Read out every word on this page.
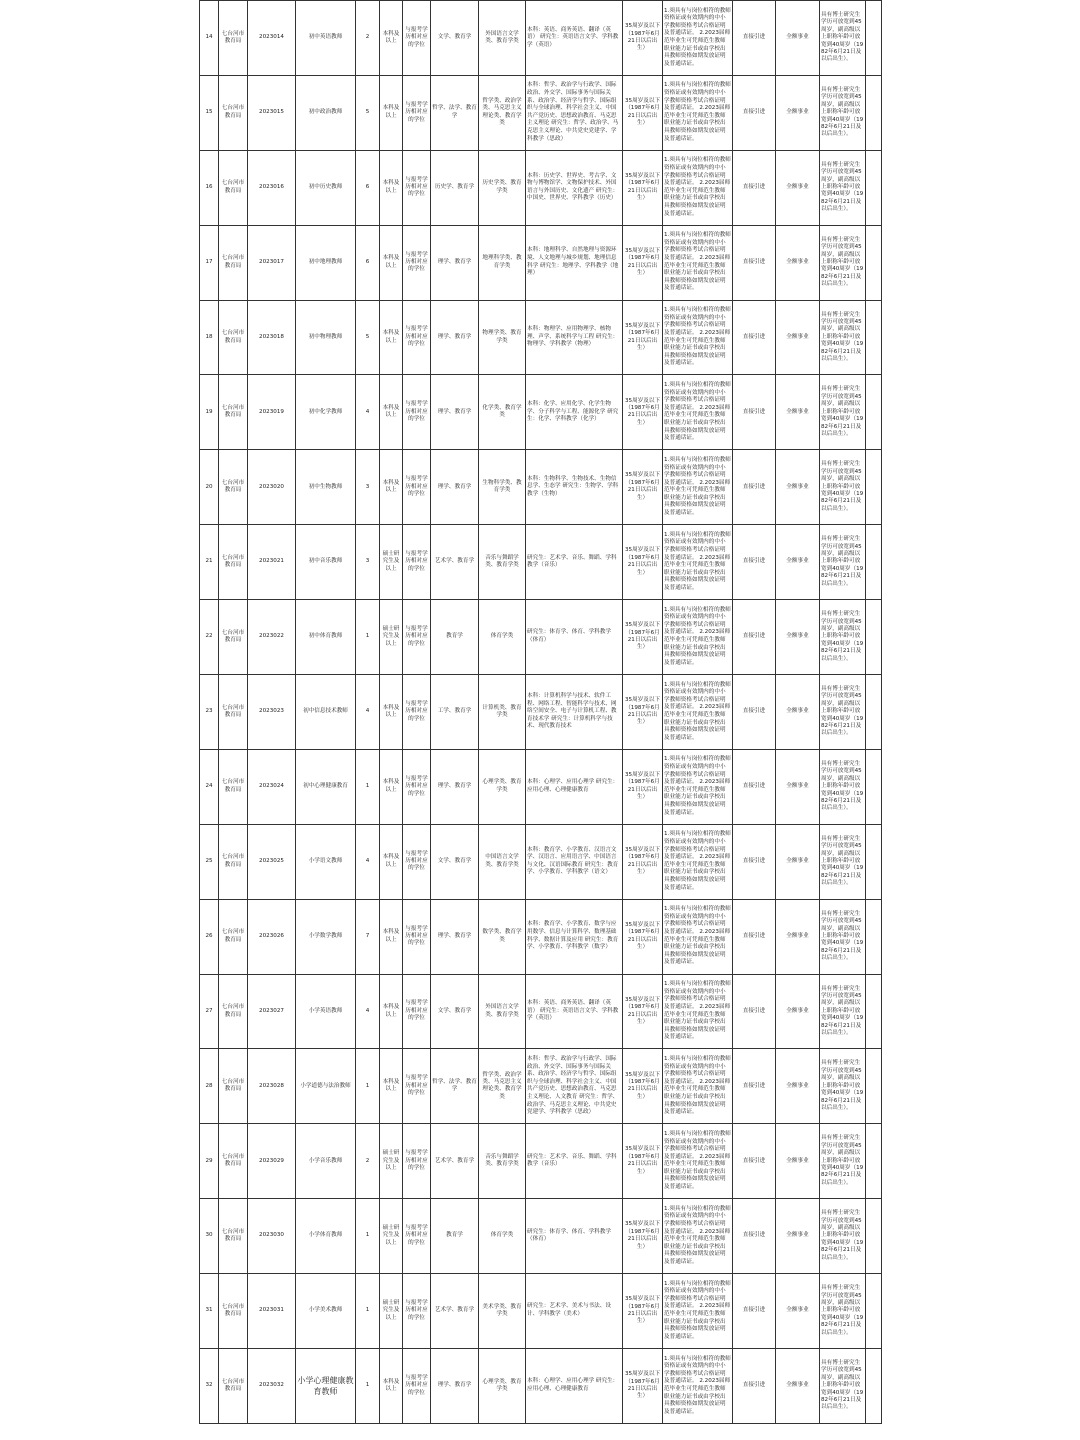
14	七台河市教育局	2023014	初中英语教师	2	本科及以上	与报考学历相对应的学位	文学、教育学	外国语言文学类、教育学类	本科：英语、商务英语、翻译（英语） 研究生：英语语言文学、学科教学（英语）	35周岁及以下（1987年6月21日以后出生）	1.须具有与岗位相符的教师资格证或有效期内的中小学教师资格考试合格证明及普通话证。 2.2023届师范毕业生可凭师范生教师职业能力证书或由学校出具教师资格如期发放证明及普通话证。	直接引进	全额事业	具有博士研究生学历可放宽到45周岁，副高级以上职称年龄可放宽到40周岁（1982年6月21日及以后出生）。	
15	七台河市教育局	2023015	初中政治教师	5	本科及以上	与报考学历相对应的学位	哲学、法学、教育学	哲学类、政治学类、马克思主义理论类、教育学类	本科：哲学、政治学与行政学、国际政治、外交学、国际事务与国际关系、政治学、经济学与哲学、国际组织与全球治理、科学社会主义、中国共产党历史、思想政治教育、马克思主义理论 研究生：哲学、政治学、马克思主义理论、中共党史党建学、学科教学（思政）	35周岁及以下（1987年6月21日以后出生）	1.须具有与岗位相符的教师资格证或有效期内的中小学教师资格考试合格证明及普通话证。 2.2023届师范毕业生可凭师范生教师职业能力证书或由学校出具教师资格如期发放证明及普通话证。	直接引进	全额事业	具有博士研究生学历可放宽到45周岁，副高级以上职称年龄可放宽到40周岁（1982年6月21日及以后出生）。	
16	七台河市教育局	2023016	初中历史教师	6	本科及以上	与报考学历相对应的学位	历史学、教育学	历史学类、教育学类	本科：历史学、世界史、考古学、文物与博物馆学、文物保护技术、外国语言与外国历史、文化遗产 研究生：中国史、世界史、学科教学（历史）	35周岁及以下（1987年6月21日以后出生）	1.须具有与岗位相符的教师资格证或有效期内的中小学教师资格考试合格证明及普通话证。 2.2023届师范毕业生可凭师范生教师职业能力证书或由学校出具教师资格如期发放证明及普通话证。	直接引进	全额事业	具有博士研究生学历可放宽到45周岁，副高级以上职称年龄可放宽到40周岁（1982年6月21日及以后出生）。	
17	七台河市教育局	2023017	初中地理教师	6	本科及以上	与报考学历相对应的学位	理学、教育学	地理科学类、教育学类	本科：地理科学、自然地理与资源环境、人文地理与城乡规划、地理信息科学 研究生：地理学、学科教学（地理）	35周岁及以下（1987年6月21日以后出生）	1.须具有与岗位相符的教师资格证或有效期内的中小学教师资格考试合格证明及普通话证。 2.2023届师范毕业生可凭师范生教师职业能力证书或由学校出具教师资格如期发放证明及普通话证。	直接引进	全额事业	具有博士研究生学历可放宽到45周岁，副高级以上职称年龄可放宽到40周岁（1982年6月21日及以后出生）。	
18	七台河市教育局	2023018	初中物理教师	5	本科及以上	与报考学历相对应的学位	理学、教育学	物理学类、教育学类	本科：物理学、应用物理学、核物理、声学、系统科学与工程 研究生：物理学、学科教学（物理）	35周岁及以下（1987年6月21日以后出生）	1.须具有与岗位相符的教师资格证或有效期内的中小学教师资格考试合格证明及普通话证。 2.2023届师范毕业生可凭师范生教师职业能力证书或由学校出具教师资格如期发放证明及普通话证。	直接引进	全额事业	具有博士研究生学历可放宽到45周岁，副高级以上职称年龄可放宽到40周岁（1982年6月21日及以后出生）。	
19	七台河市教育局	2023019	初中化学教师	4	本科及以上	与报考学历相对应的学位	理学、教育学	化学类、教育学类	本科：化学、应用化学、化学生物学、分子科学与工程、能源化学 研究生：化学、学科教学（化学）	35周岁及以下（1987年6月21日以后出生）	1.须具有与岗位相符的教师资格证或有效期内的中小学教师资格考试合格证明及普通话证。 2.2023届师范毕业生可凭师范生教师职业能力证书或由学校出具教师资格如期发放证明及普通话证。	直接引进	全额事业	具有博士研究生学历可放宽到45周岁，副高级以上职称年龄可放宽到40周岁（1982年6月21日及以后出生）。	
20	七台河市教育局	2023020	初中生物教师	3	本科及以上	与报考学历相对应的学位	理学、教育学	生物科学类、教育学类	本科：生物科学、生物技术、生物信息学、生态学 研究生：生物学、学科教学（生物）	35周岁及以下（1987年6月21日以后出生）	1.须具有与岗位相符的教师资格证或有效期内的中小学教师资格考试合格证明及普通话证。 2.2023届师范毕业生可凭师范生教师职业能力证书或由学校出具教师资格如期发放证明及普通话证。	直接引进	全额事业	具有博士研究生学历可放宽到45周岁，副高级以上职称年龄可放宽到40周岁（1982年6月21日及以后出生）。	
21	七台河市教育局	2023021	初中音乐教师	3	硕士研究生及以上	与报考学历相对应的学位	艺术学、教育学	音乐与舞蹈学类、教育学类	研究生：艺术学、音乐、舞蹈、学科教学（音乐）	35周岁及以下（1987年6月21日以后出生）	1.须具有与岗位相符的教师资格证或有效期内的中小学教师资格考试合格证明及普通话证。 2.2023届师范毕业生可凭师范生教师职业能力证书或由学校出具教师资格如期发放证明及普通话证。	直接引进	全额事业	具有博士研究生学历可放宽到45周岁，副高级以上职称年龄可放宽到40周岁（1982年6月21日及以后出生）。	
22	七台河市教育局	2023022	初中体育教师	1	硕士研究生及以上	与报考学历相对应的学位	教育学	体育学类	研究生：体育学、体育、学科教学（体育）	35周岁及以下（1987年6月21日以后出生）	1.须具有与岗位相符的教师资格证或有效期内的中小学教师资格考试合格证明及普通话证。 2.2023届师范毕业生可凭师范生教师职业能力证书或由学校出具教师资格如期发放证明及普通话证。	直接引进	全额事业	具有博士研究生学历可放宽到45周岁，副高级以上职称年龄可放宽到40周岁（1982年6月21日及以后出生）。	
23	七台河市教育局	2023023	初中信息技术教师	4	本科及以上	与报考学历相对应的学位	工学、教育学	计算机类、教育学类	本科：计算机科学与技术、软件工程、网络工程、智能科学与技术、网络空间安全、电子与计算机工程、教育技术学 研究生：计算机科学与技术、现代教育技术	35周岁及以下（1987年6月21日以后出生）	1.须具有与岗位相符的教师资格证或有效期内的中小学教师资格考试合格证明及普通话证。 2.2023届师范毕业生可凭师范生教师职业能力证书或由学校出具教师资格如期发放证明及普通话证。	直接引进	全额事业	具有博士研究生学历可放宽到45周岁，副高级以上职称年龄可放宽到40周岁（1982年6月21日及以后出生）。	
24	七台河市教育局	2023024	初中心理健康教育	1	本科及以上	与报考学历相对应的学位	理学、教育学	心理学类、教育学类	本科：心理学、应用心理学 研究生：应用心理、心理健康教育	35周岁及以下（1987年6月21日以后出生）	1.须具有与岗位相符的教师资格证或有效期内的中小学教师资格考试合格证明及普通话证。 2.2023届师范毕业生可凭师范生教师职业能力证书或由学校出具教师资格如期发放证明及普通话证。	直接引进	全额事业	具有博士研究生学历可放宽到45周岁，副高级以上职称年龄可放宽到40周岁（1982年6月21日及以后出生）。	
25	七台河市教育局	2023025	小学语文教师	4	本科及以上	与报考学历相对应的学位	文学、教育学	中国语言文学类、教育学类	本科：教育学、小学教育、汉语言文学、汉语言、应用语言学、中国语言与文化、汉语国际教育 研究生：教育学、小学教育、学科教学（语文）	35周岁及以下（1987年6月21日以后出生）	1.须具有与岗位相符的教师资格证或有效期内的中小学教师资格考试合格证明及普通话证。 2.2023届师范毕业生可凭师范生教师职业能力证书或由学校出具教师资格如期发放证明及普通话证。	直接引进	全额事业	具有博士研究生学历可放宽到45周岁，副高级以上职称年龄可放宽到40周岁（1982年6月21日及以后出生）。	
26	七台河市教育局	2023026	小学数学教师	7	本科及以上	与报考学历相对应的学位	理学、教育学	数学类、教育学类	本科：教育学、小学教育、数学与应用数学、信息与计算科学、数理基础科学、数据计算及应用 研究生：教育学、小学教育、学科教学（数学）	35周岁及以下（1987年6月21日以后出生）	1.须具有与岗位相符的教师资格证或有效期内的中小学教师资格考试合格证明及普通话证。 2.2023届师范毕业生可凭师范生教师职业能力证书或由学校出具教师资格如期发放证明及普通话证。	直接引进	全额事业	具有博士研究生学历可放宽到45周岁，副高级以上职称年龄可放宽到40周岁（1982年6月21日及以后出生）。	
27	七台河市教育局	2023027	小学英语教师	4	本科及以上	与报考学历相对应的学位	文学、教育学	外国语言文学类、教育学类	本科：英语、商务英语、翻译（英语） 研究生：英语语言文学、学科教学（英语）	35周岁及以下（1987年6月21日以后出生）	1.须具有与岗位相符的教师资格证或有效期内的中小学教师资格考试合格证明及普通话证。 2.2023届师范毕业生可凭师范生教师职业能力证书或由学校出具教师资格如期发放证明及普通话证。	直接引进	全额事业	具有博士研究生学历可放宽到45周岁，副高级以上职称年龄可放宽到40周岁（1982年6月21日及以后出生）。	
28	七台河市教育局	2023028	小学道德与法治教师	1	本科及以上	与报考学历相对应的学位	哲学、法学、教育学	哲学类、政治学类、马克思主义理论类、教育学类	本科：哲学、政治学与行政学、国际政治、外交学、国际事务与国际关系、政治学、经济学与哲学、国际组织与全球治理、科学社会主义、中国共产党历史、思想政治教育、马克思主义理论、人文教育 研究生：哲学、政治学、马克思主义理论、中共党史党建学、学科教学（思政）	35周岁及以下（1987年6月21日以后出生）	1.须具有与岗位相符的教师资格证或有效期内的中小学教师资格考试合格证明及普通话证。 2.2023届师范毕业生可凭师范生教师职业能力证书或由学校出具教师资格如期发放证明及普通话证。	直接引进	全额事业	具有博士研究生学历可放宽到45周岁，副高级以上职称年龄可放宽到40周岁（1982年6月21日及以后出生）。	
29	七台河市教育局	2023029	小学音乐教师	2	硕士研究生及以上	与报考学历相对应的学位	艺术学、教育学	音乐与舞蹈学类、教育学类	研究生：艺术学、音乐、舞蹈、学科教学（音乐）	35周岁及以下（1987年6月21日以后出生）	1.须具有与岗位相符的教师资格证或有效期内的中小学教师资格考试合格证明及普通话证。 2.2023届师范毕业生可凭师范生教师职业能力证书或由学校出具教师资格如期发放证明及普通话证。	直接引进	全额事业	具有博士研究生学历可放宽到45周岁，副高级以上职称年龄可放宽到40周岁（1982年6月21日及以后出生）。	
30	七台河市教育局	2023030	小学体育教师	1	硕士研究生及以上	与报考学历相对应的学位	教育学	体育学类	研究生：体育学、体育、学科教学（体育）	35周岁及以下（1987年6月21日以后出生）	1.须具有与岗位相符的教师资格证或有效期内的中小学教师资格考试合格证明及普通话证。 2.2023届师范毕业生可凭师范生教师职业能力证书或由学校出具教师资格如期发放证明及普通话证。	直接引进	全额事业	具有博士研究生学历可放宽到45周岁，副高级以上职称年龄可放宽到40周岁（1982年6月21日及以后出生）。	
31	七台河市教育局	2023031	小学美术教师	1	硕士研究生及以上	与报考学历相对应的学位	艺术学、教育学	美术学类、教育学类	研究生：艺术学、美术与书法、设计、学科教学（美术）	35周岁及以下（1987年6月21日以后出生）	1.须具有与岗位相符的教师资格证或有效期内的中小学教师资格考试合格证明及普通话证。 2.2023届师范毕业生可凭师范生教师职业能力证书或由学校出具教师资格如期发放证明及普通话证。	直接引进	全额事业	具有博士研究生学历可放宽到45周岁，副高级以上职称年龄可放宽到40周岁（1982年6月21日及以后出生）。	
32	七台河市教育局	2023032	小学心理健康教育教师	1	本科及以上	与报考学历相对应的学位	理学、教育学	心理学类、教育学类	本科：心理学、应用心理学 研究生：应用心理、心理健康教育	35周岁及以下（1987年6月21日以后出生）	1.须具有与岗位相符的教师资格证或有效期内的中小学教师资格考试合格证明及普通话证。 2.2023届师范毕业生可凭师范生教师职业能力证书或由学校出具教师资格如期发放证明及普通话证。	直接引进	全额事业	具有博士研究生学历可放宽到45周岁，副高级以上职称年龄可放宽到40周岁（1982年6月21日及以后出生）。	
